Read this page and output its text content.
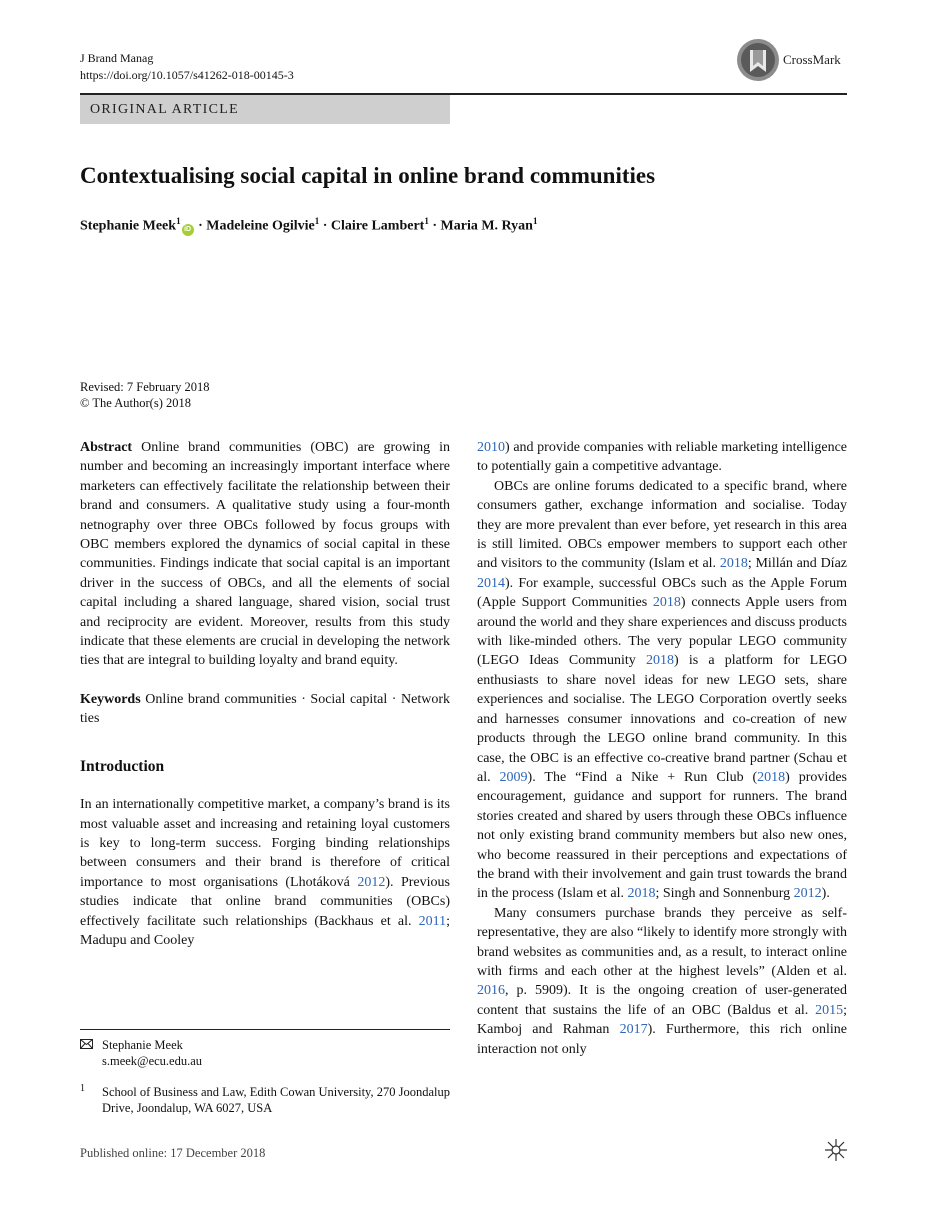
J Brand Manag
https://doi.org/10.1057/s41262-018-00145-3
CrossMark
ORIGINAL ARTICLE
Contextualising social capital in online brand communities
Stephanie Meek$^1$iD · Madeleine Ogilvie$^1$ · Claire Lambert$^1$ · Maria M. Ryan$^1$
Revised: 7 February 2018
© The Author(s) 2018

Abstract Online brand communities (OBC) are growing in number and becoming an increasingly important interface where marketers can effectively facilitate the relationship between their brand and consumers. A qualitative study using a four-month netnography over three OBCs followed by focus groups with OBC members explored the dynamics of social capital in these communities. Findings indicate that social capital is an important driver in the success of OBCs, and all the elements of social capital including a shared language, shared vision, social trust and reciprocity are evident. Moreover, results from this study indicate that these elements are crucial in developing the network ties that are integral to building loyalty and brand equity.

Keywords Online brand communities · Social capital · Network ties

Introduction

In an internationally competitive market, a company’s brand is its most valuable asset and increasing and retaining loyal customers is key to long-term success. Forging binding relationships between consumers and their brand is therefore of critical importance to most organisations (Lhotáková 2012). Previous studies indicate that online brand communities (OBCs) effectively facilitate such relationships (Backhaus et al. 2011; Madupu and Cooley

Stephanie Meek
s.meek@ecu.edu.au
1 School of Business and Law, Edith Cowan University, 270 Joondalup Drive, Joondalup, WA 6027, USA

2010) and provide companies with reliable marketing intelligence to potentially gain a competitive advantage.

OBCs are online forums dedicated to a specific brand, where consumers gather, exchange information and socialise. Today they are more prevalent than ever before, yet research in this area is still limited. OBCs empower members to support each other and visitors to the community (Islam et al. 2018; Millán and Díaz 2014). For example, successful OBCs such as the Apple Forum (Apple Support Communities 2018) connects Apple users from around the world and they share experiences and discuss products with like-minded others. The very popular LEGO community (LEGO Ideas Community 2018) is a platform for LEGO enthusiasts to share novel ideas for new LEGO sets, share experiences and socialise. The LEGO Corporation overtly seeks and harnesses consumer innovations and co-creation of new products through the LEGO online brand community. In this case, the OBC is an effective co-creative brand partner (Schau et al. 2009). The “Find a Nike + Run Club (2018) provides encouragement, guidance and support for runners. The brand stories created and shared by users through these OBCs influence not only existing brand community members but also new ones, who become reassured in their perceptions and expectations of the brand with their involvement and gain trust towards the brand in the process (Islam et al. 2018; Singh and Sonnenburg 2012).

Many consumers purchase brands they perceive as self-representative, they are also “likely to identify more strongly with brand websites as communities and, as a result, to interact online with firms and each other at the highest levels” (Alden et al. 2016, p. 5909). It is the ongoing creation of user-generated content that sustains the life of an OBC (Baldus et al. 2015; Kamboj and Rahman 2017). Furthermore, this rich online interaction not only

Published online: 17 December 2018
